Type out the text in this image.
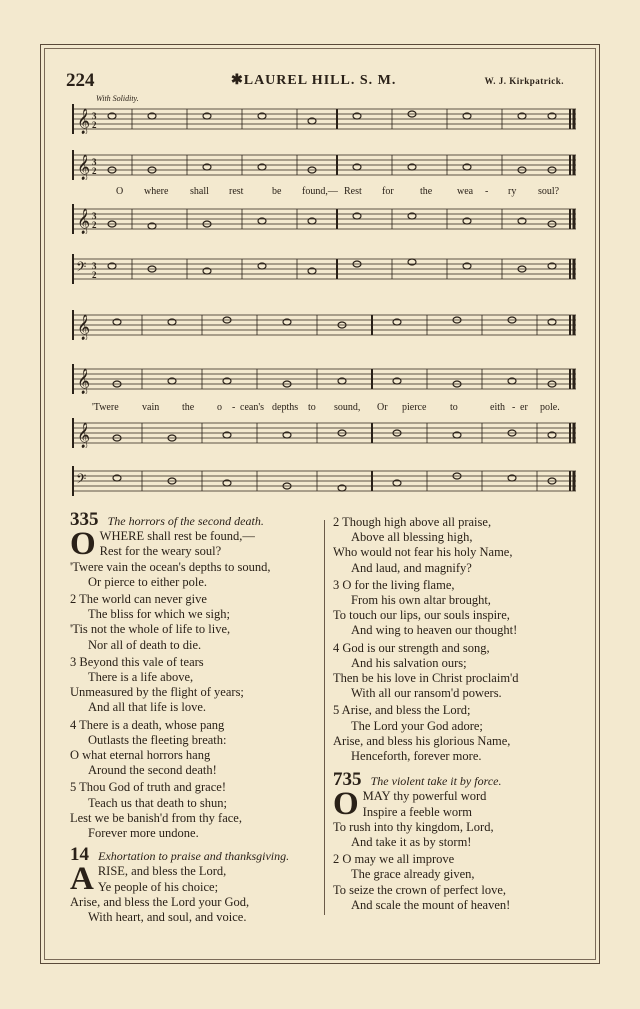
224	✱LAUREL HILL. S. M.	W. J. Kirkpatrick.
With Solidity.
𝄞 3
2
𝄞 3
2
O where shall rest	be found,— Rest for	the wea - ry soul?
𝄞 3
2
𝄢 3
2
𝄞
𝄞
'Twere vain the o - cean's depths to sound, Or pierce to	eith - er pole.
𝄞
𝄢
335 The horrors of the second death.
O WHERE shall rest be found,—
Rest for the weary soul?
'Twere vain the ocean's depths to sound,
Or pierce to either pole.
2 The world can never give
The bliss for which we sigh;
'Tis not the whole of life to live,
Nor all of death to die.
3 Beyond this vale of tears
There is a life above,
Unmeasured by the flight of years;
And all that life is love.
4 There is a death, whose pang
Outlasts the fleeting breath:
O what eternal horrors hang
Around the second death!
5 Thou God of truth and grace!
Teach us that death to shun;
Lest we be banish'd from thy face,
Forever more undone.
14 Exhortation to praise and thanksgiving.
A RISE, and bless the Lord,
Ye people of his choice;
Arise, and bless the Lord your God,
With heart, and soul, and voice.
2 Though high above all praise,
Above all blessing high,
Who would not fear his holy Name,
And laud, and magnify?
3 O for the living flame,
From his own altar brought,
To touch our lips, our souls inspire,
And wing to heaven our thought!
4 God is our strength and song,
And his salvation ours;
Then be his love in Christ proclaim'd
With all our ransom'd powers.
5 Arise, and bless the Lord;
The Lord your God adore;
Arise, and bless his glorious Name,
Henceforth, forever more.
735 The violent take it by force.
O MAY thy powerful word
Inspire a feeble worm
To rush into thy kingdom, Lord,
And take it as by storm!
2 O may we all improve
The grace already given,
To seize the crown of perfect love,
And scale the mount of heaven!
